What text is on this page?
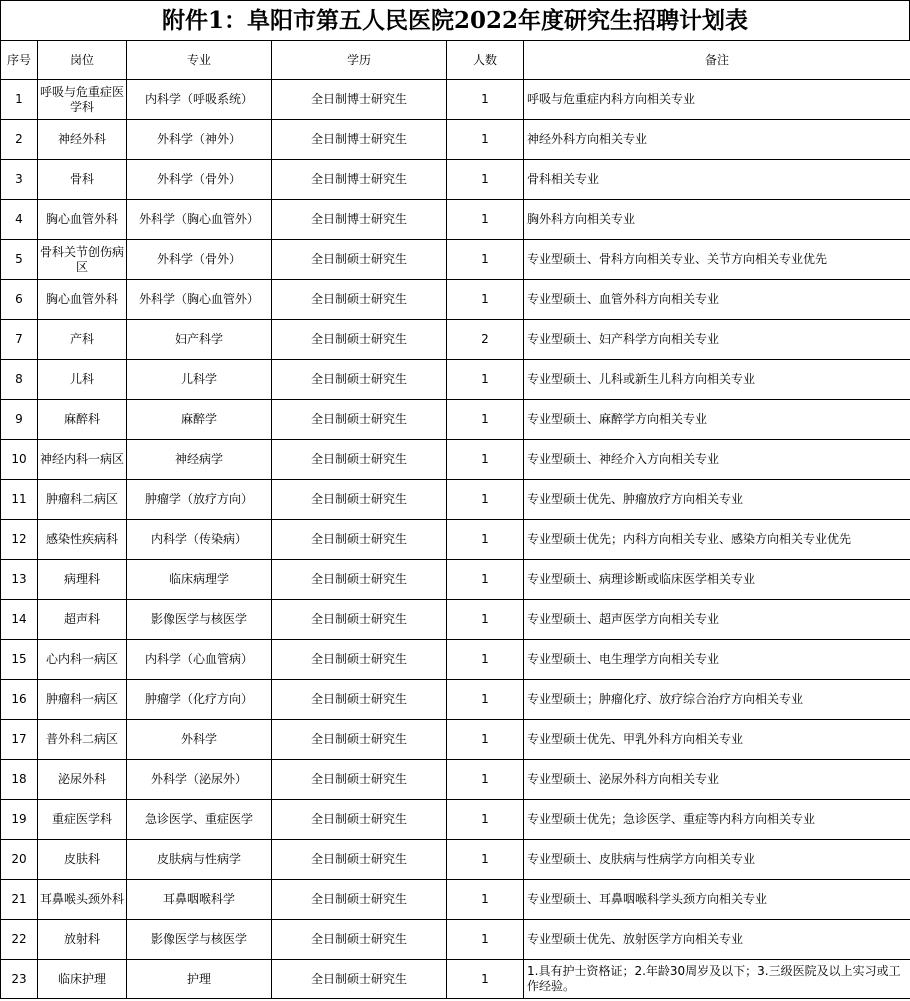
附件1：阜阳市第五人民医院2022年度研究生招聘计划表
序号	岗位	专业	学历	人数	备注
1	呼吸与危重症医学科	内科学（呼吸系统）	全日制博士研究生	1	呼吸与危重症内科方向相关专业
2	神经外科	外科学（神外）	全日制博士研究生	1	神经外科方向相关专业
3	骨科	外科学（骨外）	全日制博士研究生	1	骨科相关专业
4	胸心血管外科	外科学（胸心血管外）	全日制博士研究生	1	胸外科方向相关专业
5	骨科关节创伤病区	外科学（骨外）	全日制硕士研究生	1	专业型硕士、骨科方向相关专业、关节方向相关专业优先
6	胸心血管外科	外科学（胸心血管外）	全日制硕士研究生	1	专业型硕士、血管外科方向相关专业
7	产科	妇产科学	全日制硕士研究生	2	专业型硕士、妇产科学方向相关专业
8	儿科	儿科学	全日制硕士研究生	1	专业型硕士、儿科或新生儿科方向相关专业
9	麻醉科	麻醉学	全日制硕士研究生	1	专业型硕士、麻醉学方向相关专业
10	神经内科一病区	神经病学	全日制硕士研究生	1	专业型硕士、神经介入方向相关专业
11	肿瘤科二病区	肿瘤学（放疗方向）	全日制硕士研究生	1	专业型硕士优先、肿瘤放疗方向相关专业
12	感染性疾病科	内科学（传染病）	全日制硕士研究生	1	专业型硕士优先；内科方向相关专业、感染方向相关专业优先
13	病理科	临床病理学	全日制硕士研究生	1	专业型硕士、病理诊断或临床医学相关专业
14	超声科	影像医学与核医学	全日制硕士研究生	1	专业型硕士、超声医学方向相关专业
15	心内科一病区	内科学（心血管病）	全日制硕士研究生	1	专业型硕士、电生理学方向相关专业
16	肿瘤科一病区	肿瘤学（化疗方向）	全日制硕士研究生	1	专业型硕士；肿瘤化疗、放疗综合治疗方向相关专业
17	普外科二病区	外科学	全日制硕士研究生	1	专业型硕士优先、甲乳外科方向相关专业
18	泌尿外科	外科学（泌尿外）	全日制硕士研究生	1	专业型硕士、泌尿外科方向相关专业
19	重症医学科	急诊医学、重症医学	全日制硕士研究生	1	专业型硕士优先；急诊医学、重症等内科方向相关专业
20	皮肤科	皮肤病与性病学	全日制硕士研究生	1	专业型硕士、皮肤病与性病学方向相关专业
21	耳鼻喉头颈外科	耳鼻咽喉科学	全日制硕士研究生	1	专业型硕士、耳鼻咽喉科学头颈方向相关专业
22	放射科	影像医学与核医学	全日制硕士研究生	1	专业型硕士优先、放射医学方向相关专业
23	临床护理	护理	全日制硕士研究生	1	1.具有护士资格证；2.年龄30周岁及以下；3.三级医院及以上实习或工作经验。
